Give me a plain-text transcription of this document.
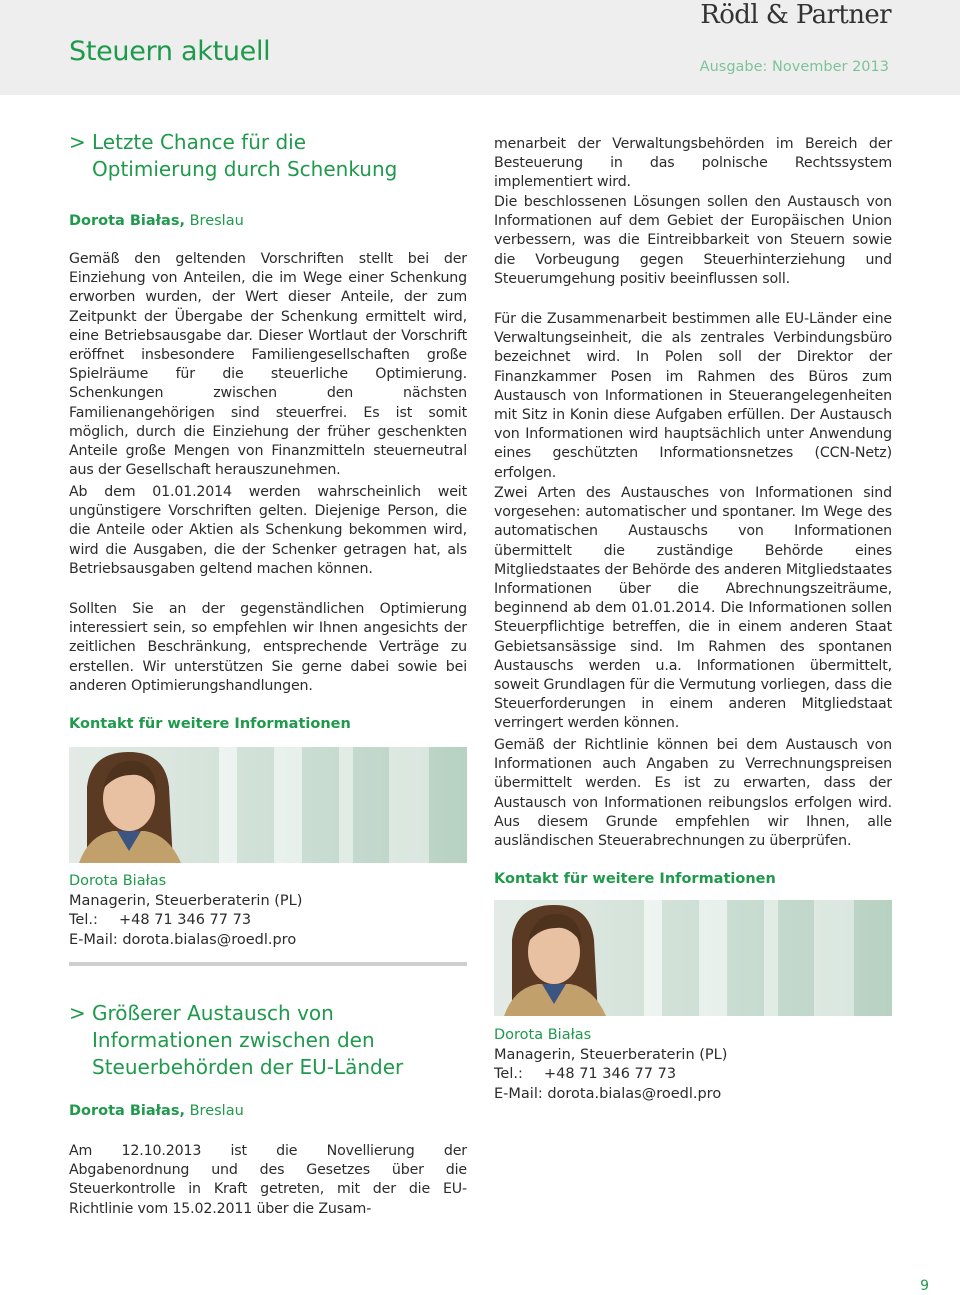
Steuern aktuell
Rödl & Partner
Ausgabe: November 2013
> Letzte Chance für die
Optimierung durch Schenkung
Dorota Białas, Breslau

Gemäß den geltenden Vorschriften stellt bei der Einziehung von Anteilen, die im Wege einer Schenkung erworben wurden, der Wert dieser Anteile, der zum Zeitpunkt der Übergabe der Schenkung ermittelt wird, eine Betriebsausgabe dar. Dieser Wortlaut der Vorschrift eröffnet insbesondere Familiengesellschaften große Spielräume für die steuerliche Optimierung. Schenkungen zwischen den nächsten Familienangehörigen sind steuerfrei. Es ist somit möglich, durch die Einziehung der früher geschenkten Anteile große Mengen von Finanzmitteln steuerneutral aus der Gesellschaft herauszunehmen.

Ab dem 01.01.2014 werden wahrscheinlich weit ungünstigere Vorschriften gelten. Diejenige Person, die die Anteile oder Aktien als Schenkung bekommen wird, wird die Ausgaben, die der Schenker getragen hat, als Betriebsausgaben geltend machen können.

Sollten Sie an der gegenständlichen Optimierung interessiert sein, so empfehlen wir Ihnen angesichts der zeitlichen Beschränkung, entsprechende Verträge zu erstellen. Wir unterstützen Sie gerne dabei sowie bei anderen Optimierungshandlungen.

Kontakt für weitere Informationen
Dorota Białas
Managerin, Steuerberaterin (PL)
Tel.: +48 71 346 77 73
E-Mail: dorota.bialas@roedl.pro
> Größerer Austausch von
Informationen zwischen den
Steuerbehörden der EU-Länder
Dorota Białas, Breslau

Am 12.10.2013 ist die Novellierung der Abgabenordnung und des Gesetzes über die Steuerkontrolle in Kraft getreten, mit der die EU-Richtlinie vom 15.02.2011 über die Zusam-

menarbeit der Verwaltungsbehörden im Bereich der Besteuerung in das polnische Rechtssystem implementiert wird.

Die beschlossenen Lösungen sollen den Austausch von Informationen auf dem Gebiet der Europäischen Union verbessern, was die Eintreibbarkeit von Steuern sowie die Vorbeugung gegen Steuerhinterziehung und Steuerumgehung positiv beeinflussen soll.

Für die Zusammenarbeit bestimmen alle EU-Länder eine Verwaltungseinheit, die als zentrales Verbindungsbüro bezeichnet wird. In Polen soll der Direktor der Finanzkammer Posen im Rahmen des Büros zum Austausch von Informationen in Steuerangelegenheiten mit Sitz in Konin diese Aufgaben erfüllen. Der Austausch von Informationen wird hauptsächlich unter Anwendung eines geschützten Informationsnetzes (CCN-Netz) erfolgen.

Zwei Arten des Austausches von Informationen sind vorgesehen: automatischer und spontaner. Im Wege des automatischen Austauschs von Informationen übermittelt die zuständige Behörde eines Mitgliedstaates der Behörde des anderen Mitgliedstaates Informationen über die Abrechnungszeiträume, beginnend ab dem 01.01.2014. Die Informationen sollen Steuerpflichtige betreffen, die in einem anderen Staat Gebietsansässige sind. Im Rahmen des spontanen Austauschs werden u.a. Informationen übermittelt, soweit Grundlagen für die Vermutung vorliegen, dass die Steuerforderungen in einem anderen Mitgliedstaat verringert werden können.

Gemäß der Richtlinie können bei dem Austausch von Informationen auch Angaben zu Verrechnungspreisen übermittelt werden. Es ist zu erwarten, dass der Austausch von Informationen reibungslos erfolgen wird. Aus diesem Grunde empfehlen wir Ihnen, alle ausländischen Steuerabrechnungen zu überprüfen.

Kontakt für weitere Informationen
Dorota Białas
Managerin, Steuerberaterin (PL)
Tel.: +48 71 346 77 73
E-Mail: dorota.bialas@roedl.pro
9
